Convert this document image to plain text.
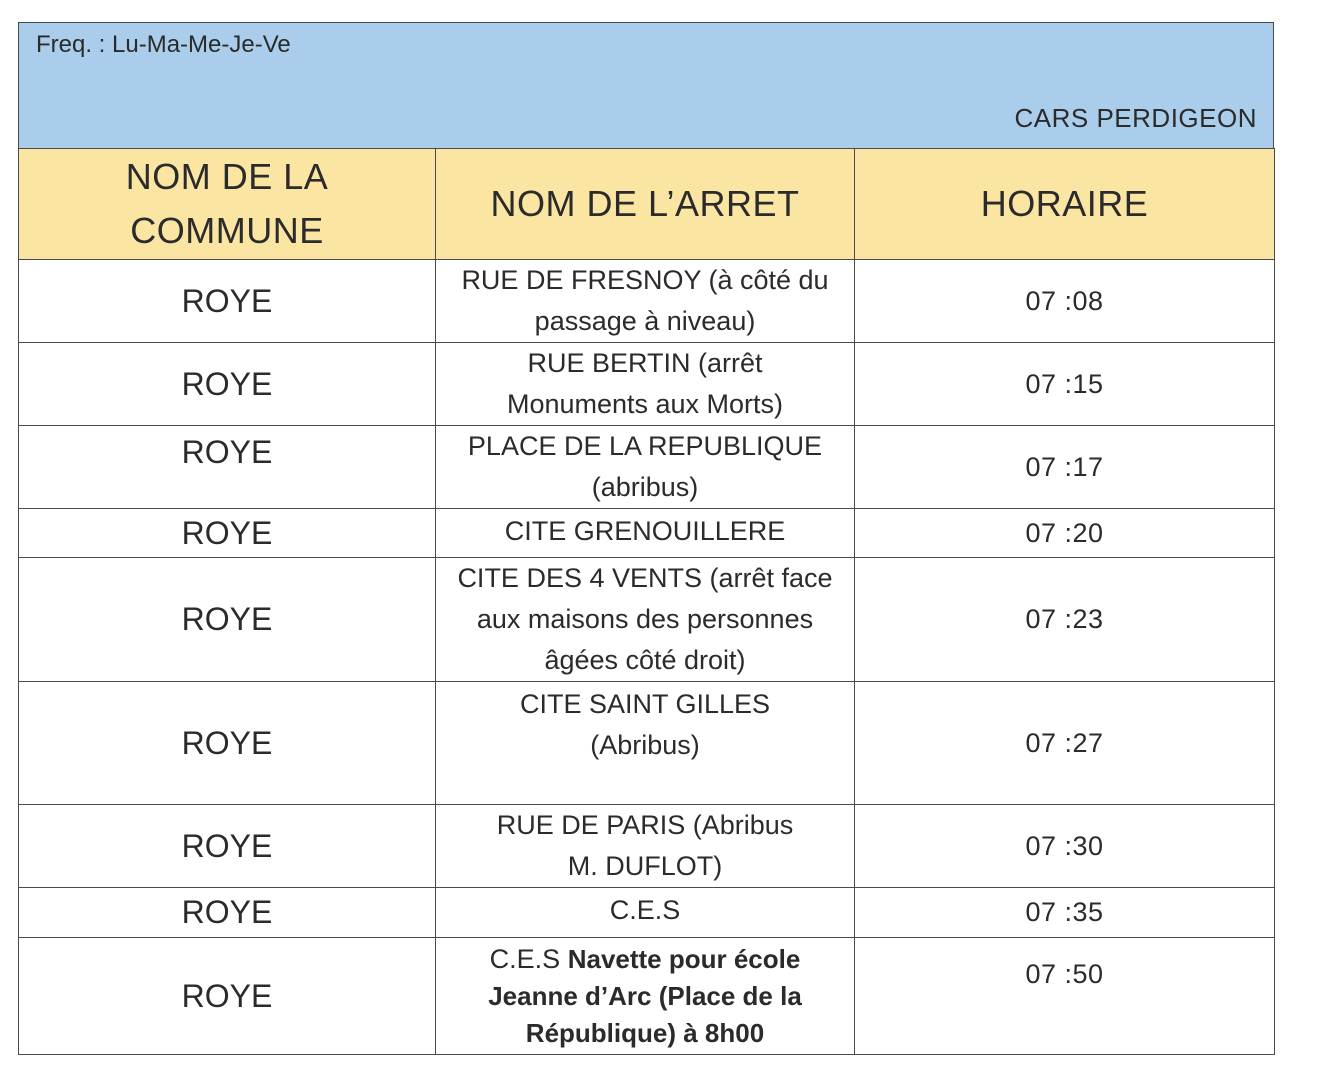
Freq. : Lu-Ma-Me-Je-Ve
CARS PERDIGEON
NOM DE LA COMMUNE	NOM DE L’ARRET	HORAIRE
ROYE	RUE DE FRESNOY (à côté du passage à niveau)	07 :08
ROYE	RUE BERTIN (arrêt Monuments aux Morts)	07 :15
ROYE	PLACE DE LA REPUBLIQUE (abribus)	07 :17
ROYE	CITE GRENOUILLERE	07 :20
ROYE	CITE DES 4 VENTS (arrêt face aux maisons des personnes âgées côté droit)	07 :23
ROYE	CITE SAINT GILLES (Abribus)	07 :27
ROYE	RUE DE PARIS (Abribus M. DUFLOT)	07 :30
ROYE	C.E.S	07 :35
ROYE	C.E.S Navette pour école Jeanne d’Arc (Place de la République) à 8h00	07 :50
